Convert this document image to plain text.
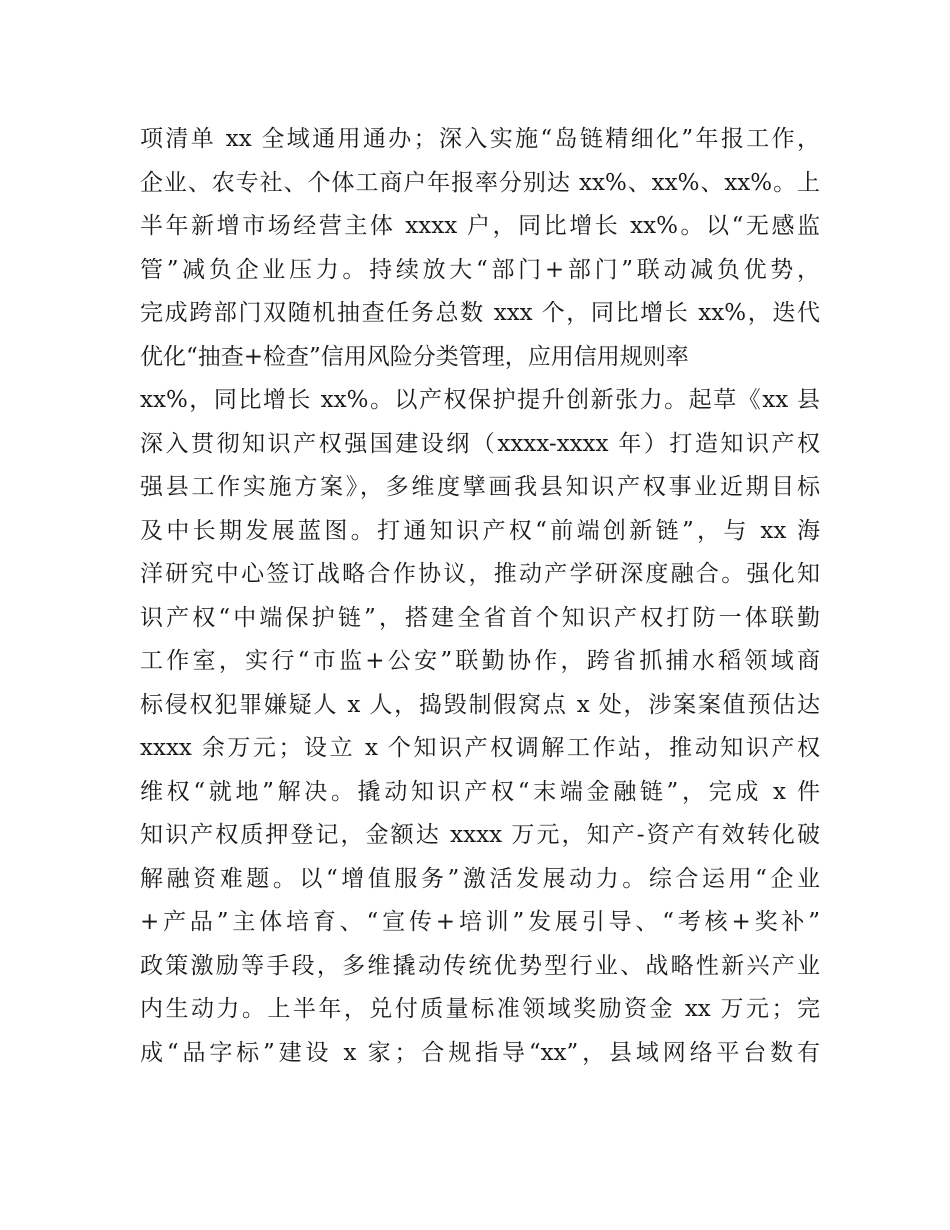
项清单 xx 全域通用通办；深入实施“岛链精细化”年报工作，
企业、农专社、个体工商户年报率分别达 xx%、xx%、xx%。上
半年新增市场经营主体 xxxx 户，同比增长 xx%。以“无感监
管”减负企业压力。持续放大“部门+部门”联动减负优势，
完成跨部门双随机抽查任务总数 xxx 个，同比增长 xx%，迭代
优化“抽查+检查”信用风险分类管理，应用信用规则率
xx%，同比增长 xx%。以产权保护提升创新张力。起草《xx 县
深入贯彻知识产权强国建设纲（xxxx-xxxx 年）打造知识产权
强县工作实施方案》，多维度擘画我县知识产权事业近期目标
及中长期发展蓝图。打通知识产权“前端创新链”，与 xx 海
洋研究中心签订战略合作协议，推动产学研深度融合。强化知
识产权“中端保护链”，搭建全省首个知识产权打防一体联勤
工作室，实行“市监+公安”联勤协作，跨省抓捕水稻领域商
标侵权犯罪嫌疑人 x 人，捣毁制假窝点 x 处，涉案案值预估达
xxxx 余万元；设立 x 个知识产权调解工作站，推动知识产权
维权“就地”解决。撬动知识产权“末端金融链”，完成 x 件
知识产权质押登记，金额达 xxxx 万元，知产-资产有效转化破
解融资难题。以“增值服务”激活发展动力。综合运用“企业
+产品”主体培育、“宣传+培训”发展引导、“考核+奖补”
政策激励等手段，多维撬动传统优势型行业、战略性新兴产业
内生动力。上半年，兑付质量标准领域奖励资金 xx 万元；完
成“品字标”建设 x 家；合规指导“xx”，县域网络平台数有
